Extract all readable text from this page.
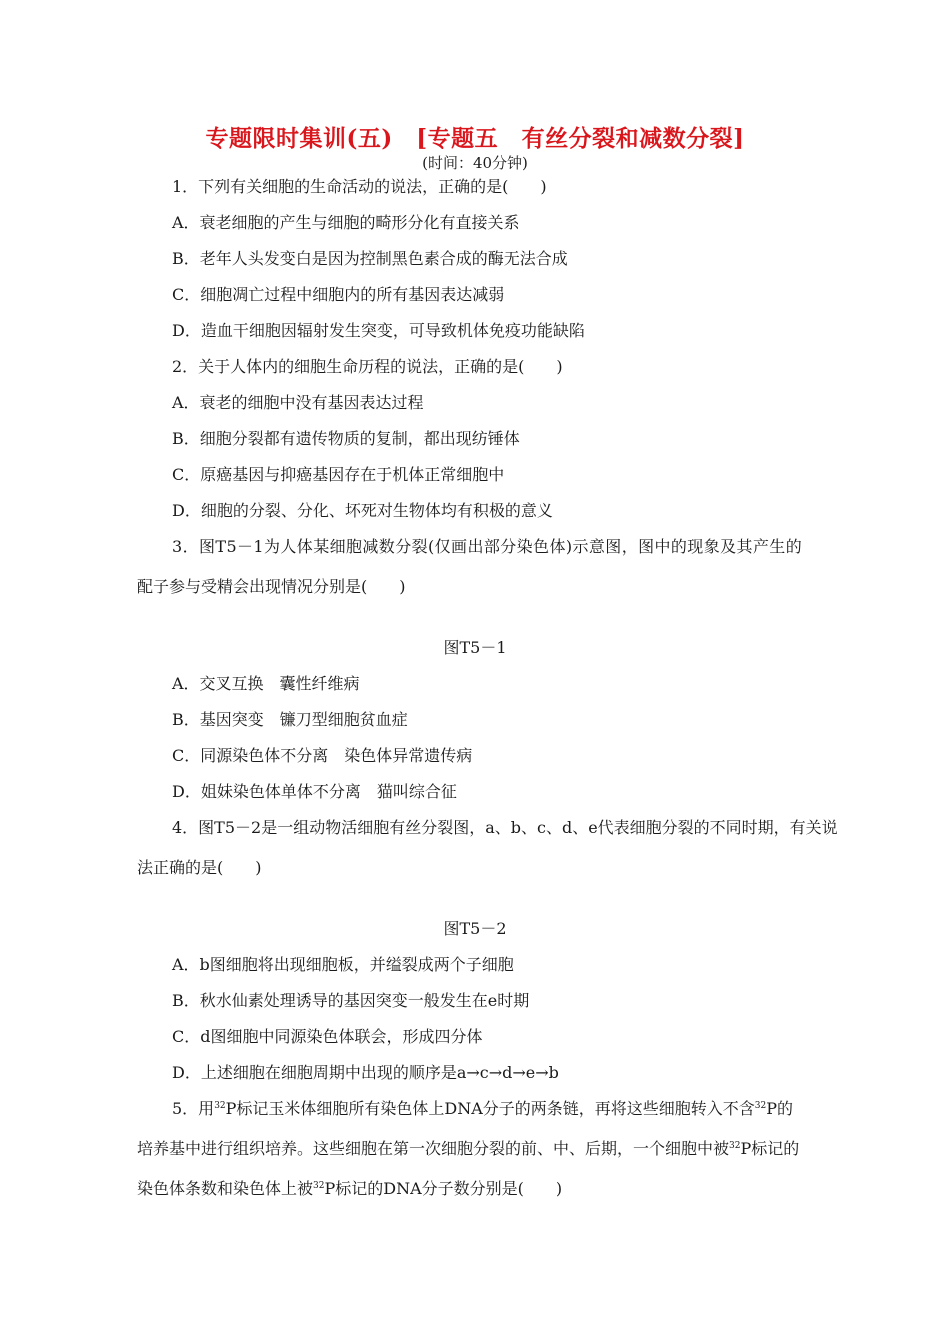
专题限时集训(五)　[专题五　有丝分裂和减数分裂]
(时间：40分钟)
1．下列有关细胞的生命活动的说法，正确的是(　　)
A．衰老细胞的产生与细胞的畸形分化有直接关系
B．老年人头发变白是因为控制黑色素合成的酶无法合成
C．细胞凋亡过程中细胞内的所有基因表达减弱
D．造血干细胞因辐射发生突变，可导致机体免疫功能缺陷
2．关于人体内的细胞生命历程的说法，正确的是(　　)
A．衰老的细胞中没有基因表达过程
B．细胞分裂都有遗传物质的复制，都出现纺锤体
C．原癌基因与抑癌基因存在于机体正常细胞中
D．细胞的分裂、分化、坏死对生物体均有积极的意义
3．图T5－1为人体某细胞减数分裂(仅画出部分染色体)示意图，图中的现象及其产生的
配子参与受精会出现情况分别是(　　)
图T5－1
A．交叉互换　囊性纤维病
B．基因突变　镰刀型细胞贫血症
C．同源染色体不分离　染色体异常遗传病
D．姐妹染色体单体不分离　猫叫综合征
4．图T5－2是一组动物活细胞有丝分裂图，a、b、c、d、e代表细胞分裂的不同时期，有关说
法正确的是(　　)
图T5－2
A．b图细胞将出现细胞板，并缢裂成两个子细胞
B．秋水仙素处理诱导的基因突变一般发生在e时期
C．d图细胞中同源染色体联会，形成四分体
D．上述细胞在细胞周期中出现的顺序是a→c→d→e→b
5．用$^{32}$P标记玉米体细胞所有染色体上DNA分子的两条链，再将这些细胞转入不含$^{32}$P的
培养基中进行组织培养。这些细胞在第一次细胞分裂的前、中、后期，一个细胞中被$^{32}$P标记的
染色体条数和染色体上被$^{32}$P标记的DNA分子数分别是(　　)
